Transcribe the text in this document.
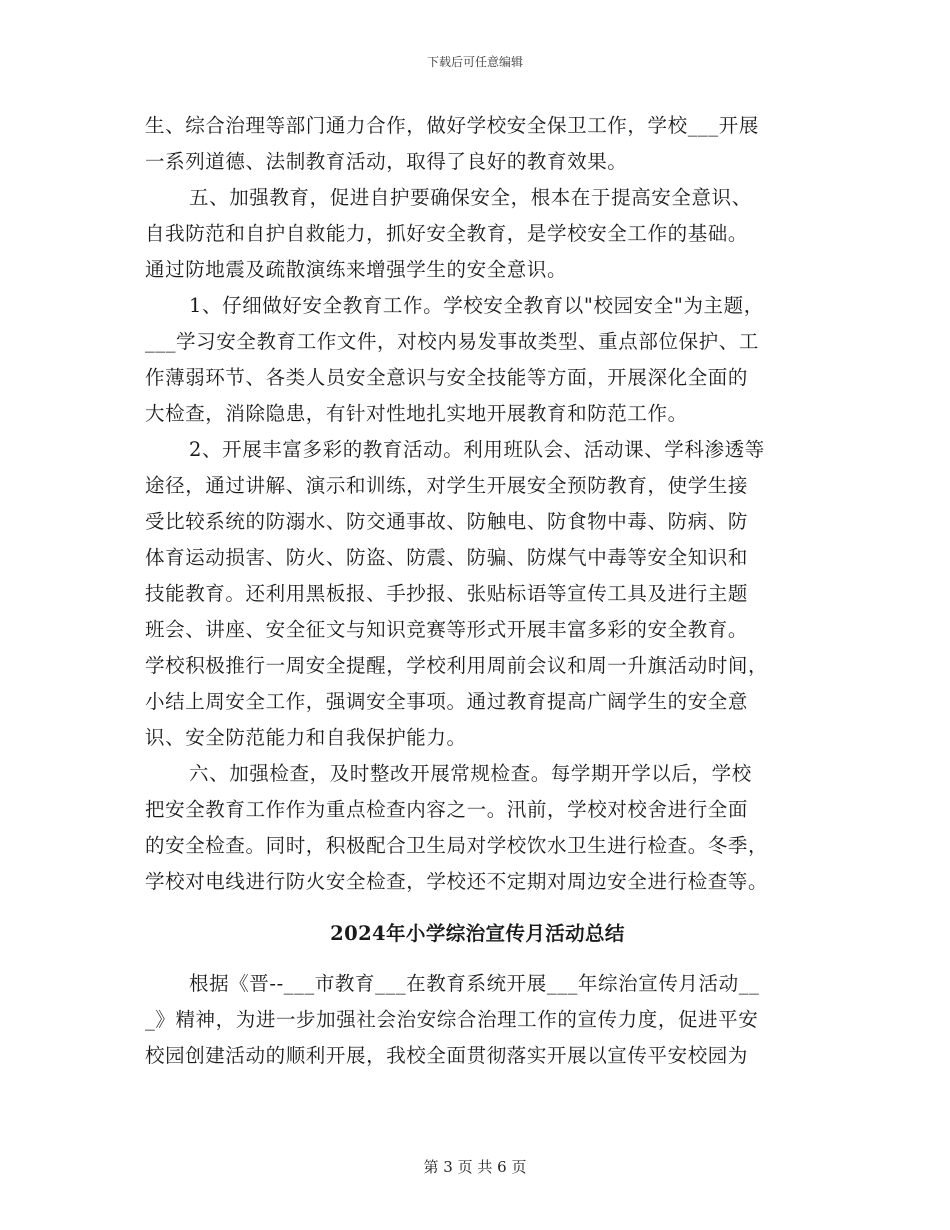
下载后可任意编辑
生、综合治理等部门通力合作，做好学校安全保卫工作，学校___开展
一系列道德、法制教育活动，取得了良好的教育效果。
五、加强教育，促进自护要确保安全，根本在于提高安全意识、
自我防范和自护自救能力，抓好安全教育，是学校安全工作的基础。
通过防地震及疏散演练来增强学生的安全意识。
1、仔细做好安全教育工作。学校安全教育以"校园安全"为主题，
___学习安全教育工作文件，对校内易发事故类型、重点部位保护、工
作薄弱环节、各类人员安全意识与安全技能等方面，开展深化全面的
大检查，消除隐患，有针对性地扎实地开展教育和防范工作。
2、开展丰富多彩的教育活动。利用班队会、活动课、学科渗透等
途径，通过讲解、演示和训练，对学生开展安全预防教育，使学生接
受比较系统的防溺水、防交通事故、防触电、防食物中毒、防病、防
体育运动损害、防火、防盗、防震、防骗、防煤气中毒等安全知识和
技能教育。还利用黑板报、手抄报、张贴标语等宣传工具及进行主题
班会、讲座、安全征文与知识竞赛等形式开展丰富多彩的安全教育。
学校积极推行一周安全提醒，学校利用周前会议和周一升旗活动时间，
小结上周安全工作，强调安全事项。通过教育提高广阔学生的安全意
识、安全防范能力和自我保护能力。
六、加强检查，及时整改开展常规检查。每学期开学以后，学校
把安全教育工作作为重点检查内容之一。汛前，学校对校舍进行全面
的安全检查。同时，积极配合卫生局对学校饮水卫生进行检查。冬季，
学校对电线进行防火安全检查，学校还不定期对周边安全进行检查等。
2024年小学综治宣传月活动总结
根据《晋--___市教育___在教育系统开展___年综治宣传月活动__
_》精神，为进一步加强社会治安综合治理工作的宣传力度，促进平安
校园创建活动的顺利开展，我校全面贯彻落实开展以宣传平安校园为
第 3 页 共 6 页
